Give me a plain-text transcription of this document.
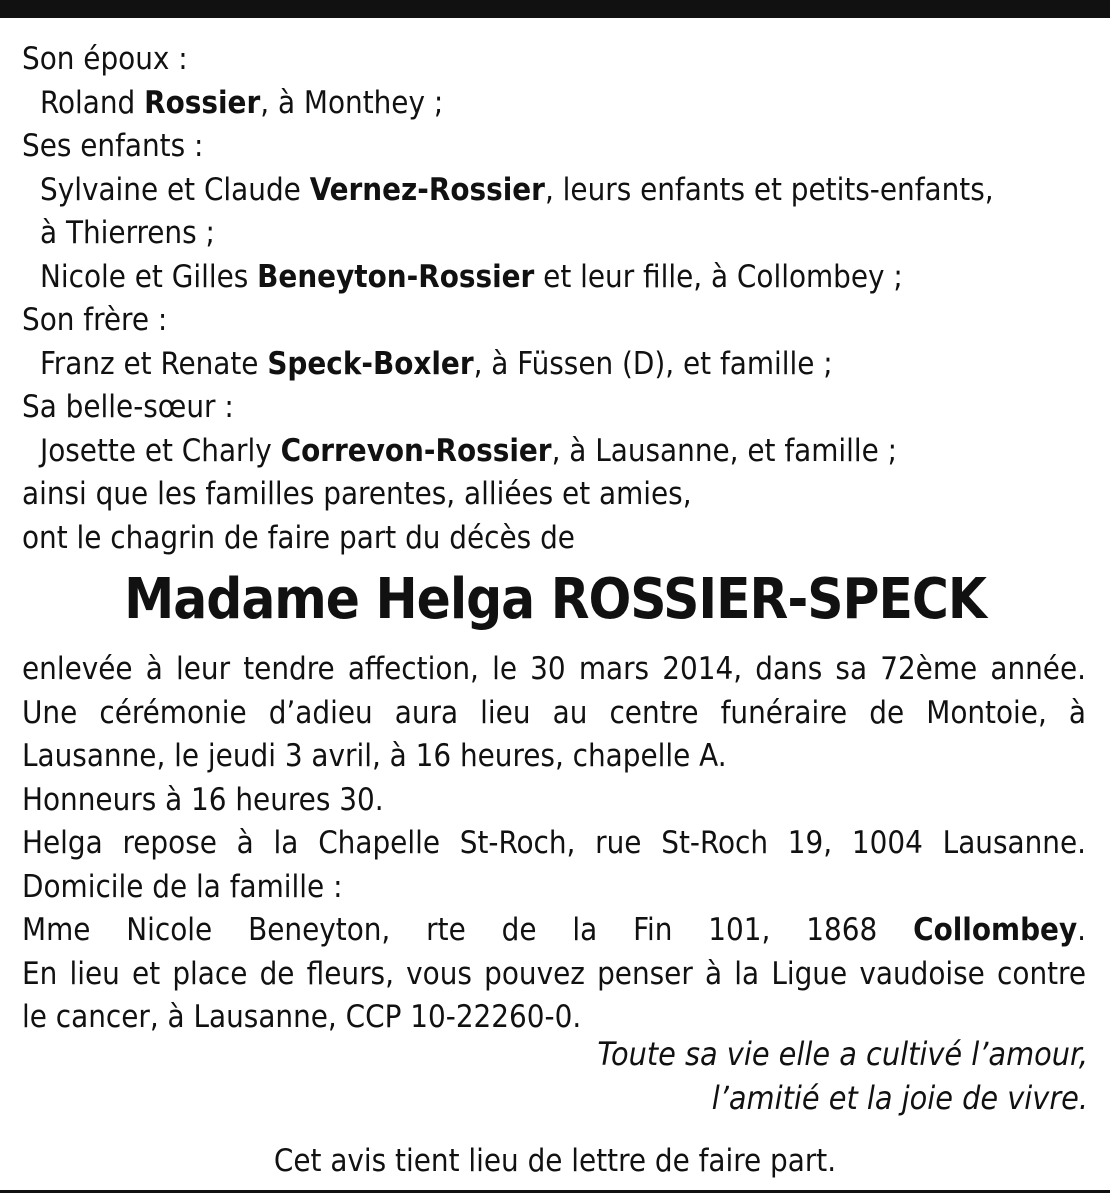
Son époux :
Roland Rossier, à Monthey ;
Ses enfants :
Sylvaine et Claude Vernez-Rossier, leurs enfants et petits-enfants,
à Thierrens ;
Nicole et Gilles Beneyton-Rossier et leur fille, à Collombey ;
Son frère :
Franz et Renate Speck-Boxler, à Füssen (D), et famille ;
Sa belle-sœur :
Josette et Charly Correvon-Rossier, à Lausanne, et famille ;
ainsi que les familles parentes, alliées et amies,
ont le chagrin de faire part du décès de
Madame Helga ROSSIER-SPECK
enlevée à leur tendre affection, le 30 mars 2014, dans sa 72ème année.
Une cérémonie d’adieu aura lieu au centre funéraire de Montoie, à
Lausanne, le jeudi 3 avril, à 16 heures, chapelle A.
Honneurs à 16 heures 30.
Helga repose à la Chapelle St-Roch, rue St-Roch 19, 1004 Lausanne.
Domicile de la famille :
Mme Nicole Beneyton, rte de la Fin 101, 1868 Collombey.
En lieu et place de fleurs, vous pouvez penser à la Ligue vaudoise contre
le cancer, à Lausanne, CCP 10-22260-0.
Toute sa vie elle a cultivé l’amour,
l’amitié et la joie de vivre.
Cet avis tient lieu de lettre de faire part.
